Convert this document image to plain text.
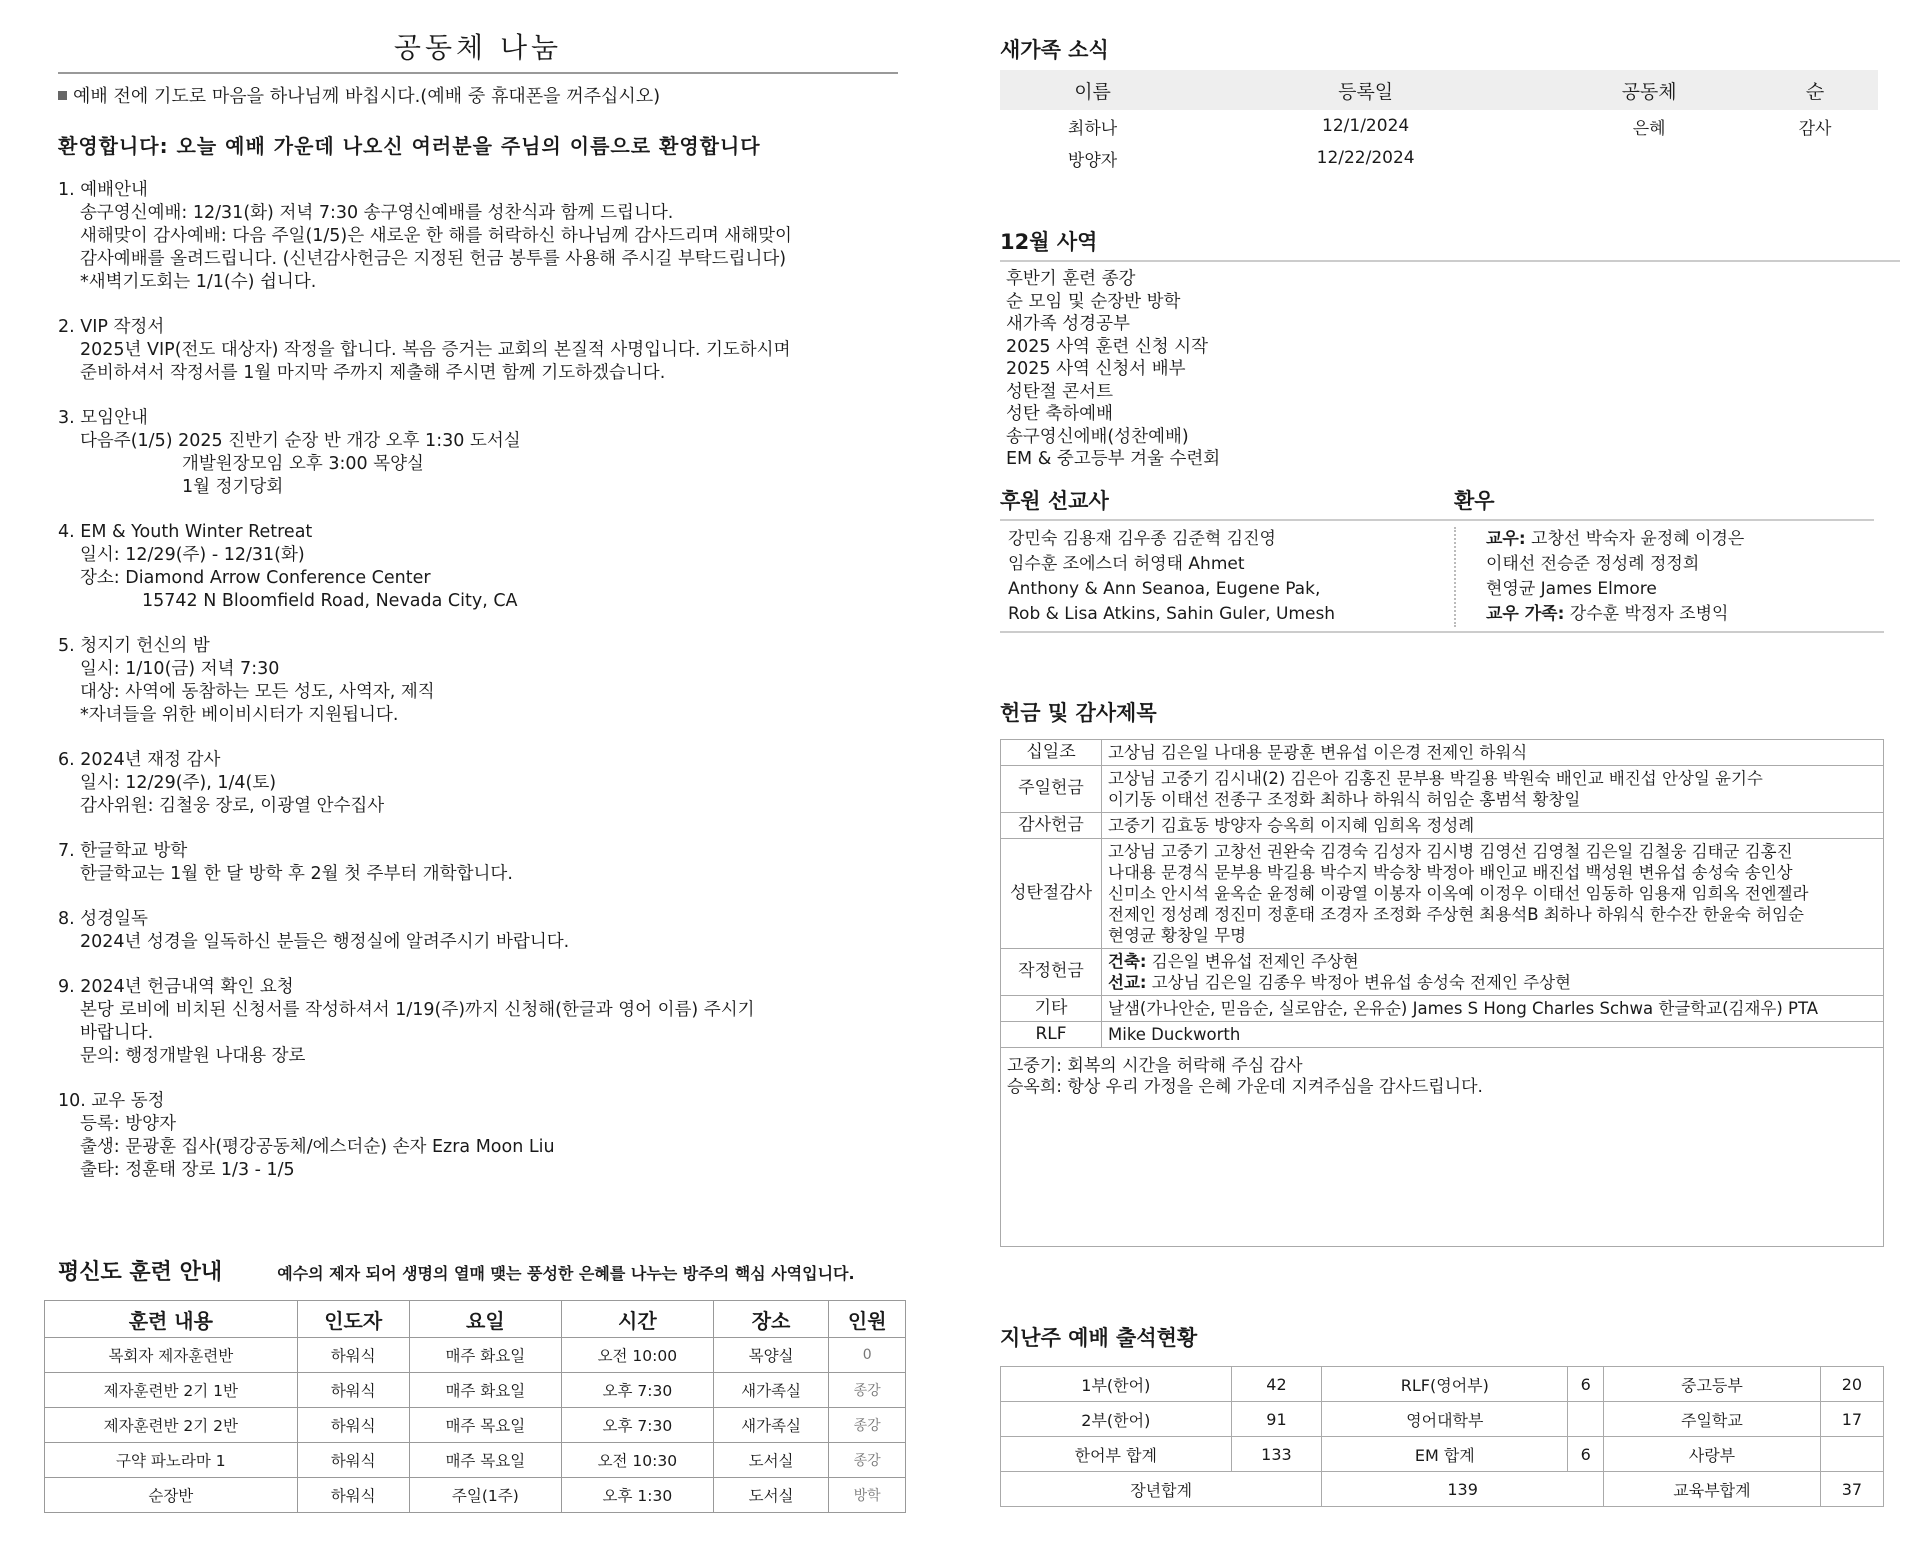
공동체 나눔
예배 전에 기도로 마음을 하나님께 바칩시다.(예배 중 휴대폰을 꺼주십시오)
환영합니다: 오늘 예배 가운데 나오신 여러분을 주님의 이름으로 환영합니다
1. 예배안내
송구영신예배: 12/31(화) 저녁 7:30 송구영신예배를 성찬식과 함께 드립니다.
새해맞이 감사예배: 다음 주일(1/5)은 새로운 한 해를 허락하신 하나님께 감사드리며 새해맞이
감사예배를 올려드립니다. (신년감사헌금은 지정된 헌금 봉투를 사용해 주시길 부탁드립니다)
*새벽기도회는 1/1(수) 쉽니다.
2. VIP 작정서
2025년 VIP(전도 대상자) 작정을 합니다. 복음 증거는 교회의 본질적 사명입니다. 기도하시며
준비하셔서 작정서를 1월 마지막 주까지 제출해 주시면 함께 기도하겠습니다.
3. 모임안내
다음주(1/5) 2025 진반기 순장 반 개강 오후 1:30 도서실
개발원장모임 오후 3:00 목양실
1월 정기당회
4. EM & Youth Winter Retreat
일시: 12/29(주) - 12/31(화)
장소: Diamond Arrow Conference Center
15742 N Bloomfield Road, Nevada City, CA
5. 청지기 헌신의 밤
일시: 1/10(금) 저녁 7:30
대상: 사역에 동참하는 모든 성도, 사역자, 제직
*자녀들을 위한 베이비시터가 지원됩니다.
6. 2024년 재정 감사
일시: 12/29(주), 1/4(토)
감사위원: 김철웅 장로, 이광열 안수집사
7. 한글학교 방학
한글학교는 1월 한 달 방학 후 2월 첫 주부터 개학합니다.
8. 성경일독
2024년 성경을 일독하신 분들은 행정실에 알려주시기 바랍니다.
9. 2024년 헌금내역 확인 요청
본당 로비에 비치된 신청서를 작성하셔서 1/19(주)까지 신청해(한글과 영어 이름) 주시기
바랍니다.
문의: 행정개발원 나대용 장로
10. 교우 동정
등록: 방양자
출생: 문광훈 집사(평강공동체/에스더순) 손자 Ezra Moon Liu
출타: 정훈태 장로 1/3 - 1/5
평신도 훈련 안내	예수의 제자 되어 생명의 열매 맺는 풍성한 은혜를 나누는 방주의 핵심 사역입니다.
훈련 내용	인도자	요일	시간	장소	인원
목회자 제자훈련반	하워식	매주 화요일	오전 10:00	목양실	0
제자훈련반 2기 1반	하워식	매주 화요일	오후 7:30	새가족실	종강
제자훈련반 2기 2반	하워식	매주 목요일	오후 7:30	새가족실	종강
구약 파노라마 1	하워식	매주 목요일	오전 10:30	도서실	종강
순장반	하워식	주일(1주)	오후 1:30	도서실	방학
새가족 소식
이름	등록일	공동체	순
최하나	12/1/2024	은혜	감사
방양자	12/22/2024		
12월 사역
후반기 훈련 종강
순 모임 및 순장반 방학
새가족 성경공부
2025 사역 훈련 신청 시작
2025 사역 신청서 배부
성탄절 콘서트
성탄 축하예배
송구영신에배(성찬예배)
EM & 중고등부 겨울 수련회
후원 선교사
강민숙 김용재 김우종 김준혁 김진영
임수훈 조에스더 허영태 Ahmet
Anthony & Ann Seanoa, Eugene Pak,
Rob & Lisa Atkins, Sahin Guler, Umesh
환우
교우: 고창선 박숙자 윤정혜 이경은
이태선 전승준 정성례 정정희
현영균 James Elmore
교우 가족: 강수훈 박정자 조병익
헌금 및 감사제목
십일조	고상님 김은일 나대용 문광훈 변유섭 이은경 전제인 하워식

주일헌금	고상님 고중기 김시내(2) 김은아 김홍진 문부용 박길용 박원숙 배인교 배진섭 안상일 윤기수
이기동 이태선 전종구 조정화 최하나 하워식 허임순 홍범석 황창일

감사헌금	고중기 김효동 방양자 승옥희 이지혜 임희옥 정성례

성탄절감사	고상님 고중기 고창선 권완숙 김경숙 김성자 김시병 김영선 김영철 김은일 김철웅 김태군 김홍진
나대용 문경식 문부용 박길용 박수지 박승창 박정아 배인교 배진섭 백성원 변유섭 송성숙 송인상
신미소 안시석 윤옥순 윤정혜 이광열 이봉자 이옥예 이정우 이태선 임동하 임용재 임희옥 전엔젤라
전제인 정성례 정진미 정훈태 조경자 조정화 주상현 최용석B 최하나 하워식 한수잔 한윤숙 허임순
현영균 황창일 무명

작정헌금	건축: 김은일 변유섭 전제인 주상현
선교: 고상님 김은일 김종우 박정아 변유섭 송성숙 전제인 주상현

기타	날샘(가나안순, 믿음순, 실로암순, 온유순) James S Hong Charles Schwa 한글학교(김재우) PTA

RLF	Mike Duckworth

고중기: 회복의 시간을 허락해 주심 감사
승옥희: 항상 우리 가정을 은혜 가운데 지켜주심을 감사드립니다.	
지난주 예배 출석현황
1부(한어)	42	RLF(영어부)	6	중고등부	20
2부(한어)	91	영어대학부		주일학교	17
한어부 합계	133	EM 합계	6	사랑부	
장년합계		139		교육부합계	37
